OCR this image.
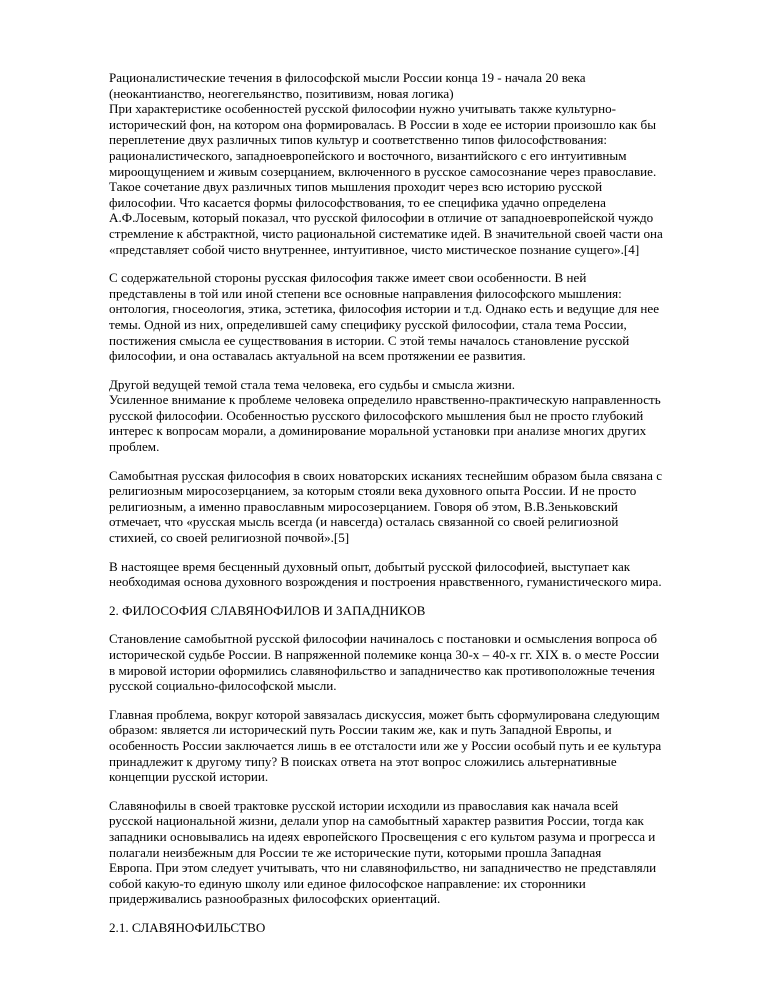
Рационалистические течения в философской мысли России конца 19 - начала 20 века
(неокантианство, неогегельянство, позитивизм, новая логика)
При характеристике особенностей русской философии нужно учитывать также культурно-
исторический фон, на котором она формировалась. В России в ходе ее истории произошло как бы
переплетение двух различных типов культур и соответственно типов философствования:
рационалистического, западноевропейского и восточного, византийского с его интуитивным
мироощущением и живым созерцанием, включенного в русское самосознание через православие.
Такое сочетание двух различных типов мышления проходит через всю историю русской
философии. Что касается формы философствования, то ее специфика удачно определена
А.Ф.Лосевым, который показал, что русской философии в отличие от западноевропейской чуждо
стремление к абстрактной, чисто рациональной систематике идей. В значительной своей части она
«представляет собой чисто внутреннее, интуитивное, чисто мистическое познание сущего».[4]
С содержательной стороны русская философия также имеет свои особенности. В ней
представлены в той или иной степени все основные направления философского мышления:
онтология, гносеология, этика, эстетика, философия истории и т.д. Однако есть и ведущие для нее
темы. Одной из них, определившей саму специфику русской философии, стала тема России,
постижения смысла ее существования в истории. С этой темы началось становление русской
философии, и она оставалась актуальной на всем протяжении ее развития.
Другой ведущей темой стала тема человека, его судьбы и смысла жизни.
Усиленное внимание к проблеме человека определило нравственно-практическую направленность
русской философии. Особенностью русского философского мышления был не просто глубокий
интерес к вопросам морали, а доминирование моральной установки при анализе многих других
проблем.
Самобытная русская философия в своих новаторских исканиях теснейшим образом была связана с
религиозным миросозерцанием, за которым стояли века духовного опыта России. И не просто
религиозным, а именно православным миросозерцанием. Говоря об этом, В.В.Зеньковский
отмечает, что «русская мысль всегда (и навсегда) осталась связанной со своей религиозной
стихией, со своей религиозной почвой».[5]
В настоящее время бесценный духовный опыт, добытый русской философией, выступает как
необходимая основа духовного возрождения и построения нравственного, гуманистического мира.
2. ФИЛОСОФИЯ СЛАВЯНОФИЛОВ И ЗАПАДНИКОВ
Становление самобытной русской философии начиналось с постановки и осмысления вопроса об
исторической судьбе России. В напряженной полемике конца 30-х – 40-х гг. XIX в. о месте России
в мировой истории оформились славянофильство и западничество как противоположные течения
русской социально-философской мысли.
Главная проблема, вокруг которой завязалась дискуссия, может быть сформулирована следующим
образом: является ли исторический путь России таким же, как и путь Западной Европы, и
особенность России заключается лишь в ее отсталости или же у России особый путь и ее культура
принадлежит к другому типу? В поисках ответа на этот вопрос сложились альтернативные
концепции русской истории.
Славянофилы в своей трактовке русской истории исходили из православия как начала всей
русской национальной жизни, делали упор на самобытный характер развития России, тогда как
западники основывались на идеях европейского Просвещения с его культом разума и прогресса и
полагали неизбежным для России те же исторические пути, которыми прошла Западная
Европа. При этом следует учитывать, что ни славянофильство, ни западничество не представляли
собой какую-то единую школу или единое философское направление: их сторонники
придерживались разнообразных философских ориентаций.
2.1. СЛАВЯНОФИЛЬСТВО
